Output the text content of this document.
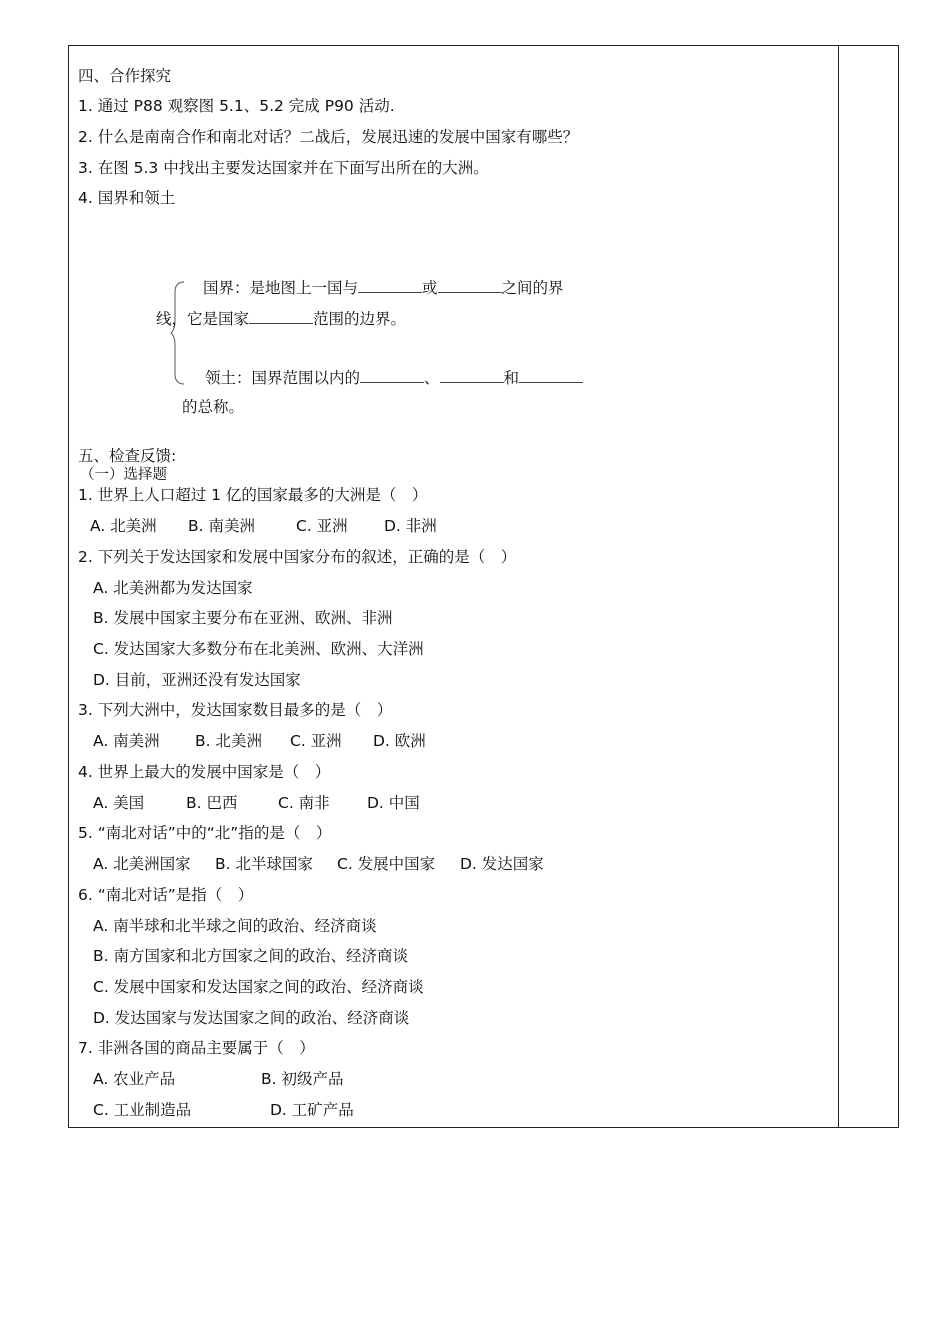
四、合作探究
1. 通过 P88 观察图 5.1、5.2 完成 P90 活动.
2. 什么是南南合作和南北对话？二战后，发展迅速的发展中国家有哪些？
3. 在图 5.3 中找出主要发达国家并在下面写出所在的大洲。
4. 国界和领土
国界：是地图上一国与	或	之间的界
线，它是国家	范围的边界。
领土：国界范围以内的	、	和
的总称。
五、检查反馈:
（一）选择题
1. 世界上人口超过 1 亿的国家最多的大洲是（　）
A. 北美洲 B. 南美洲	C. 亚洲 D. 非洲
2. 下列关于发达国家和发展中国家分布的叙述，正确的是（　）
A. 北美洲都为发达国家
B. 发展中国家主要分布在亚洲、欧洲、非洲
C. 发达国家大多数分布在北美洲、欧洲、大洋洲
D. 目前，亚洲还没有发达国家
3. 下列大洲中，发达国家数目最多的是（　）
A. 南美洲 B. 北美洲 C. 亚洲 D. 欧洲
4. 世界上最大的发展中国家是（　）
A. 美国	B. 巴西	C. 南非 D. 中国
5. “南北对话”中的“北”指的是（　）
A. 北美洲国家 B. 北半球国家 C. 发展中国家 D. 发达国家
6. “南北对话”是指（　）
A. 南半球和北半球之间的政治、经济商谈
B. 南方国家和北方国家之间的政治、经济商谈
C. 发展中国家和发达国家之间的政治、经济商谈
D. 发达国家与发达国家之间的政治、经济商谈
7. 非洲各国的商品主要属于（　）
A. 农业产品	B. 初级产品
C. 工业制造品	D. 工矿产品
